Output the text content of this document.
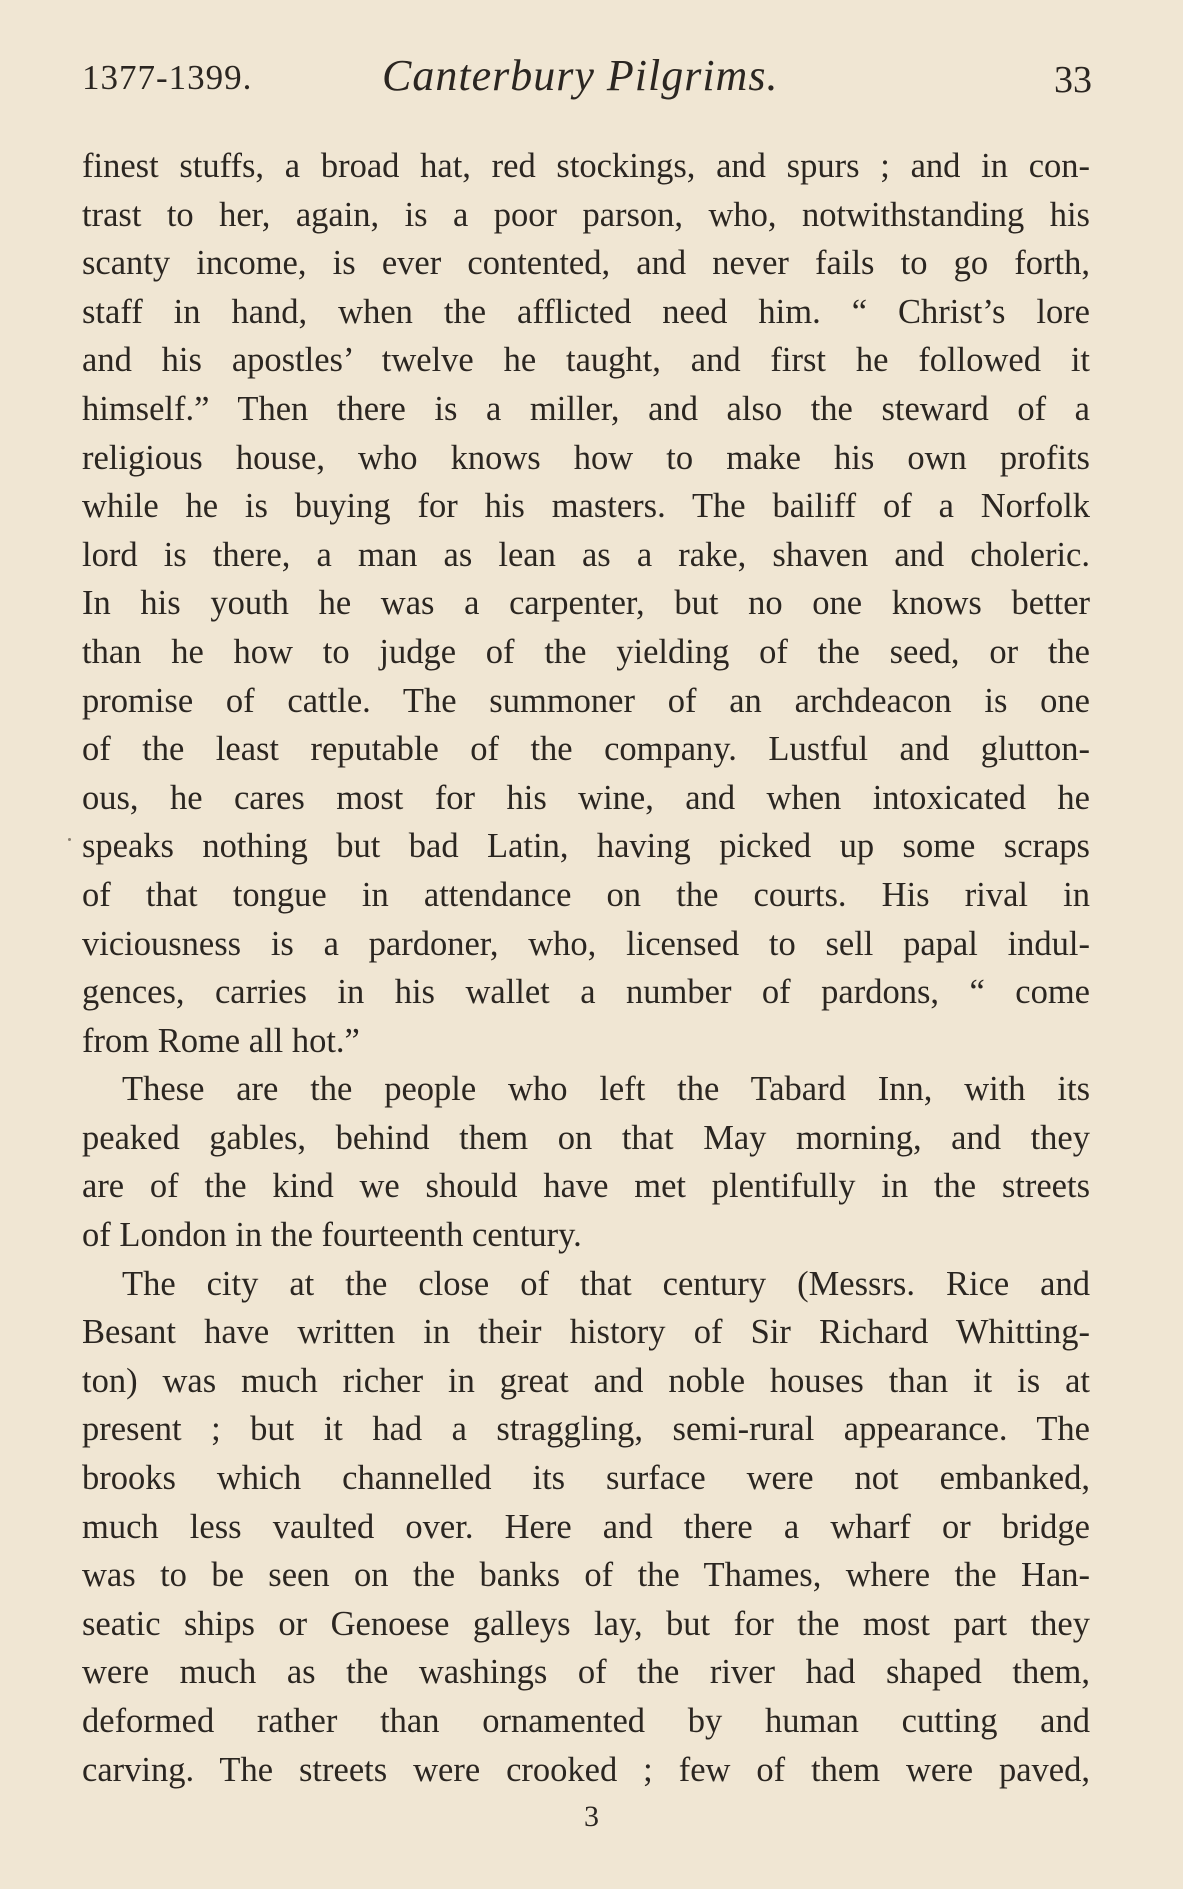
1377-1399.	Canterbury Pilgrims.	33
finest stuffs, a broad hat, red stockings, and spurs ; and in con-
trast to her, again, is a poor parson, who, notwithstanding his
scanty income, is ever contented, and never fails to go forth,
staff in hand, when the afflicted need him. “ Christ’s lore
and his apostles’ twelve he taught, and first he followed it
himself.” Then there is a miller, and also the steward of a
religious house, who knows how to make his own profits
while he is buying for his masters. The bailiff of a Norfolk
lord is there, a man as lean as a rake, shaven and choleric.
In his youth he was a carpenter, but no one knows better
than he how to judge of the yielding of the seed, or the
promise of cattle. The summoner of an archdeacon is one
of the least reputable of the company. Lustful and glutton-
ous, he cares most for his wine, and when intoxicated he
speaks nothing but bad Latin, having picked up some scraps
of that tongue in attendance on the courts. His rival in
viciousness is a pardoner, who, licensed to sell papal indul-
gences, carries in his wallet a number of pardons, “ come
from Rome all hot.”
These are the people who left the Tabard Inn, with its
peaked gables, behind them on that May morning, and they
are of the kind we should have met plentifully in the streets
of London in the fourteenth century.
The city at the close of that century (Messrs. Rice and
Besant have written in their history of Sir Richard Whitting-
ton) was much richer in great and noble houses than it is at
present ; but it had a straggling, semi-rural appearance. The
brooks which channelled its surface were not embanked,
much less vaulted over. Here and there a wharf or bridge
was to be seen on the banks of the Thames, where the Han-
seatic ships or Genoese galleys lay, but for the most part they
were much as the washings of the river had shaped them,
deformed rather than ornamented by human cutting and
carving. The streets were crooked ; few of them were paved,
3
